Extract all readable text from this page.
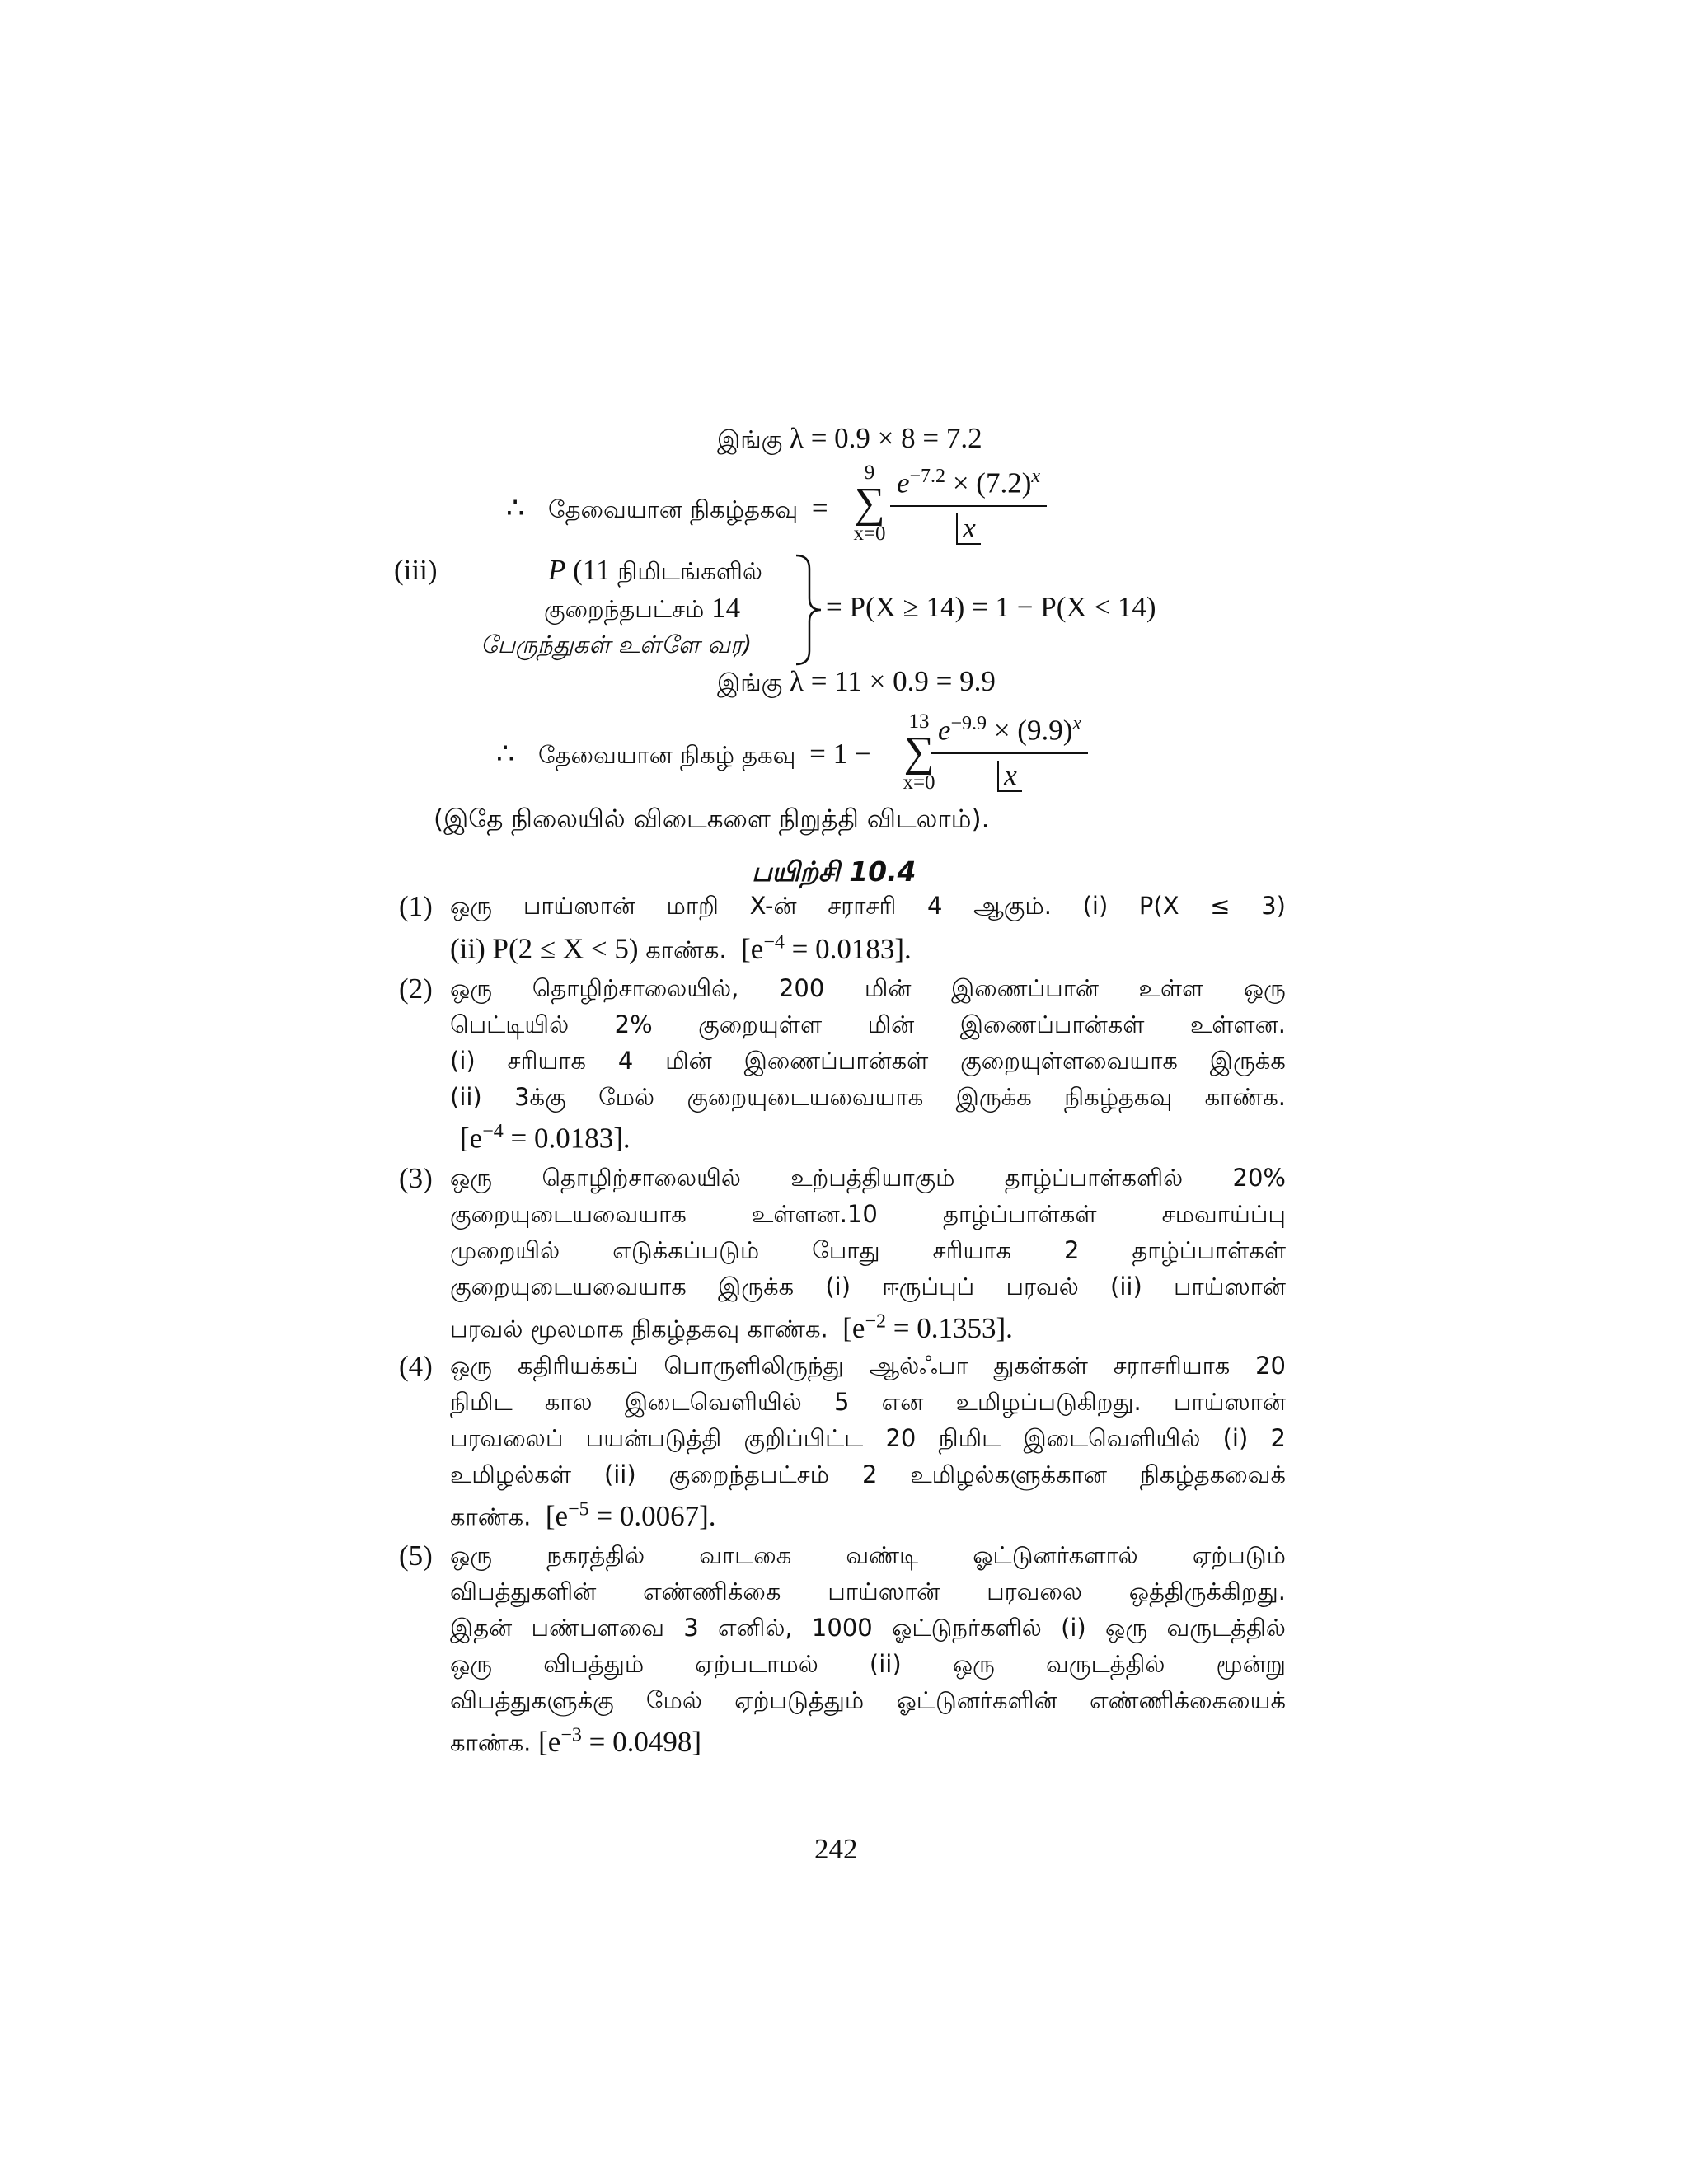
இங்கு λ = 0.9 × 8 = 7.2
∴ தேவையான நிகழ்தகவு =
9
∑
$x=0 \frac{e^{-7.2} \times (7.2)^x}{x}$
(iii)	P (11 நிமிடங்களில்
குறைந்தபட்சம் 14
பேருந்துகள் உள்ளே வர)
= P(X ≥ 14) = 1 − P(X < 14)
இங்கு λ = 11 × 0.9 = 9.9
∴ தேவையான நிகழ் தகவு = 1 −
13
∑
x=0
$\frac{e^{-9.9} \times (9.9)^x}{x}$
(இதே நிலையில் விடைகளை நிறுத்தி விடலாம்).
பயிற்சி 10.4
(1) ஒரு பாய்ஸான் மாறி X-ன் சராசரி 4 ஆகும். (i) P(X ≤ 3)
(ii) P(2 ≤ X < 5) காண்க. $[e^{-4} = 0.0183]$.
(2) ஒரு தொழிற்சாலையில், 200 மின் இணைப்பான் உள்ள ஒரு
பெட்டியில் 2% குறையுள்ள மின் இணைப்பான்கள் உள்ளன.
(i) சரியாக 4 மின் இணைப்பான்கள் குறையுள்ளவையாக இருக்க
(ii) 3க்கு மேல் குறையுடையவையாக இருக்க நிகழ்தகவு காண்க.
$[e^{-4} = 0.0183]$.
(3) ஒரு தொழிற்சாலையில் உற்பத்தியாகும் தாழ்ப்பாள்களில் 20%
குறையுடையவையாக	உள்ளன.10	தாழ்ப்பாள்கள்	சமவாய்ப்பு
முறையில் எடுக்கப்படும் போது சரியாக 2 தாழ்ப்பாள்கள்
குறையுடையவையாக இருக்க (i) ஈருப்புப் பரவல் (ii) பாய்ஸான்
பரவல் மூலமாக நிகழ்தகவு காண்க. $[e^{-2} = 0.1353]$.
(4) ஒரு கதிரியக்கப் பொருளிலிருந்து ஆல்ஃபா துகள்கள் சராசரியாக 20
நிமிட கால இடைவெளியில் 5 என உமிழப்படுகிறது. பாய்ஸான்
பரவலைப் பயன்படுத்தி குறிப்பிட்ட 20 நிமிட இடைவெளியில் (i) 2
உமிழல்கள் (ii) குறைந்தபட்சம் 2 உமிழல்களுக்கான நிகழ்தகவைக்
காண்க. $[e^{-5} = 0.0067]$.
(5) ஒரு நகரத்தில் வாடகை வண்டி ஓட்டுனர்களால் ஏற்படும்
விபத்துகளின் எண்ணிக்கை பாய்ஸான் பரவலை ஒத்திருக்கிறது.
இதன் பண்பளவை 3 எனில், 1000 ஓட்டுநர்களில் (i) ஒரு வருடத்தில்
ஒரு விபத்தும் ஏற்படாமல் (ii) ஒரு வருடத்தில் மூன்று
விபத்துகளுக்கு மேல் ஏற்படுத்தும் ஓட்டுனர்களின் எண்ணிக்கையைக்
காண்க. $[e^{-3} = 0.0498]$
242
